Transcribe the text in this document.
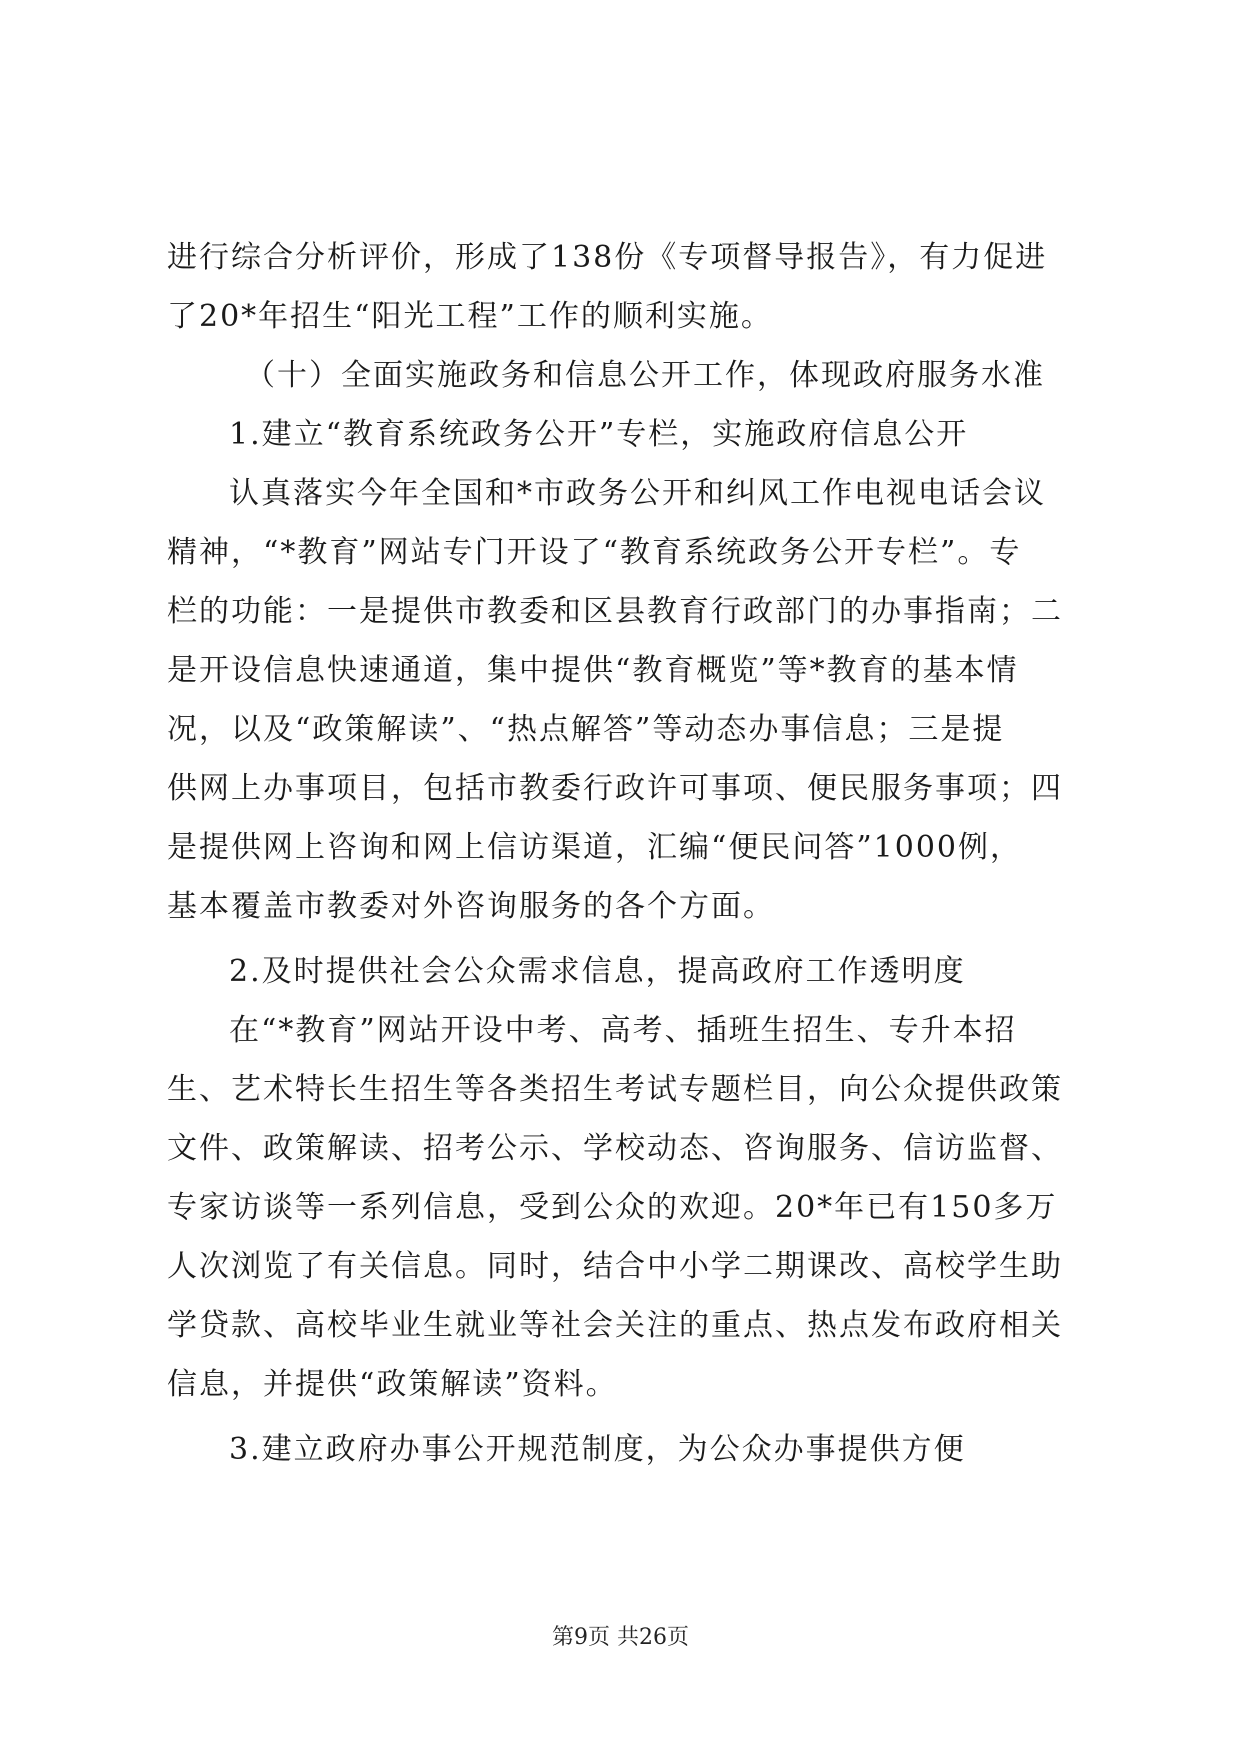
进行综合分析评价，形成了138份《专项督导报告》，有力促进
了20*年招生“阳光工程”工作的顺利实施。
（十）全面实施政务和信息公开工作，体现政府服务水准
1.建立“教育系统政务公开”专栏，实施政府信息公开
认真落实今年全国和*市政务公开和纠风工作电视电话会议
精神，“*教育”网站专门开设了“教育系统政务公开专栏”。专
栏的功能：一是提供市教委和区县教育行政部门的办事指南；二
是开设信息快速通道，集中提供“教育概览”等*教育的基本情
况，以及“政策解读”、“热点解答”等动态办事信息；三是提
供网上办事项目，包括市教委行政许可事项、便民服务事项；四
是提供网上咨询和网上信访渠道，汇编“便民问答”1000例，
基本覆盖市教委对外咨询服务的各个方面。
2.及时提供社会公众需求信息，提高政府工作透明度
在“*教育”网站开设中考、高考、插班生招生、专升本招
生、艺术特长生招生等各类招生考试专题栏目，向公众提供政策
文件、政策解读、招考公示、学校动态、咨询服务、信访监督、
专家访谈等一系列信息，受到公众的欢迎。20*年已有150多万
人次浏览了有关信息。同时，结合中小学二期课改、高校学生助
学贷款、高校毕业生就业等社会关注的重点、热点发布政府相关
信息，并提供“政策解读”资料。
3.建立政府办事公开规范制度，为公众办事提供方便
第9页 共26页
